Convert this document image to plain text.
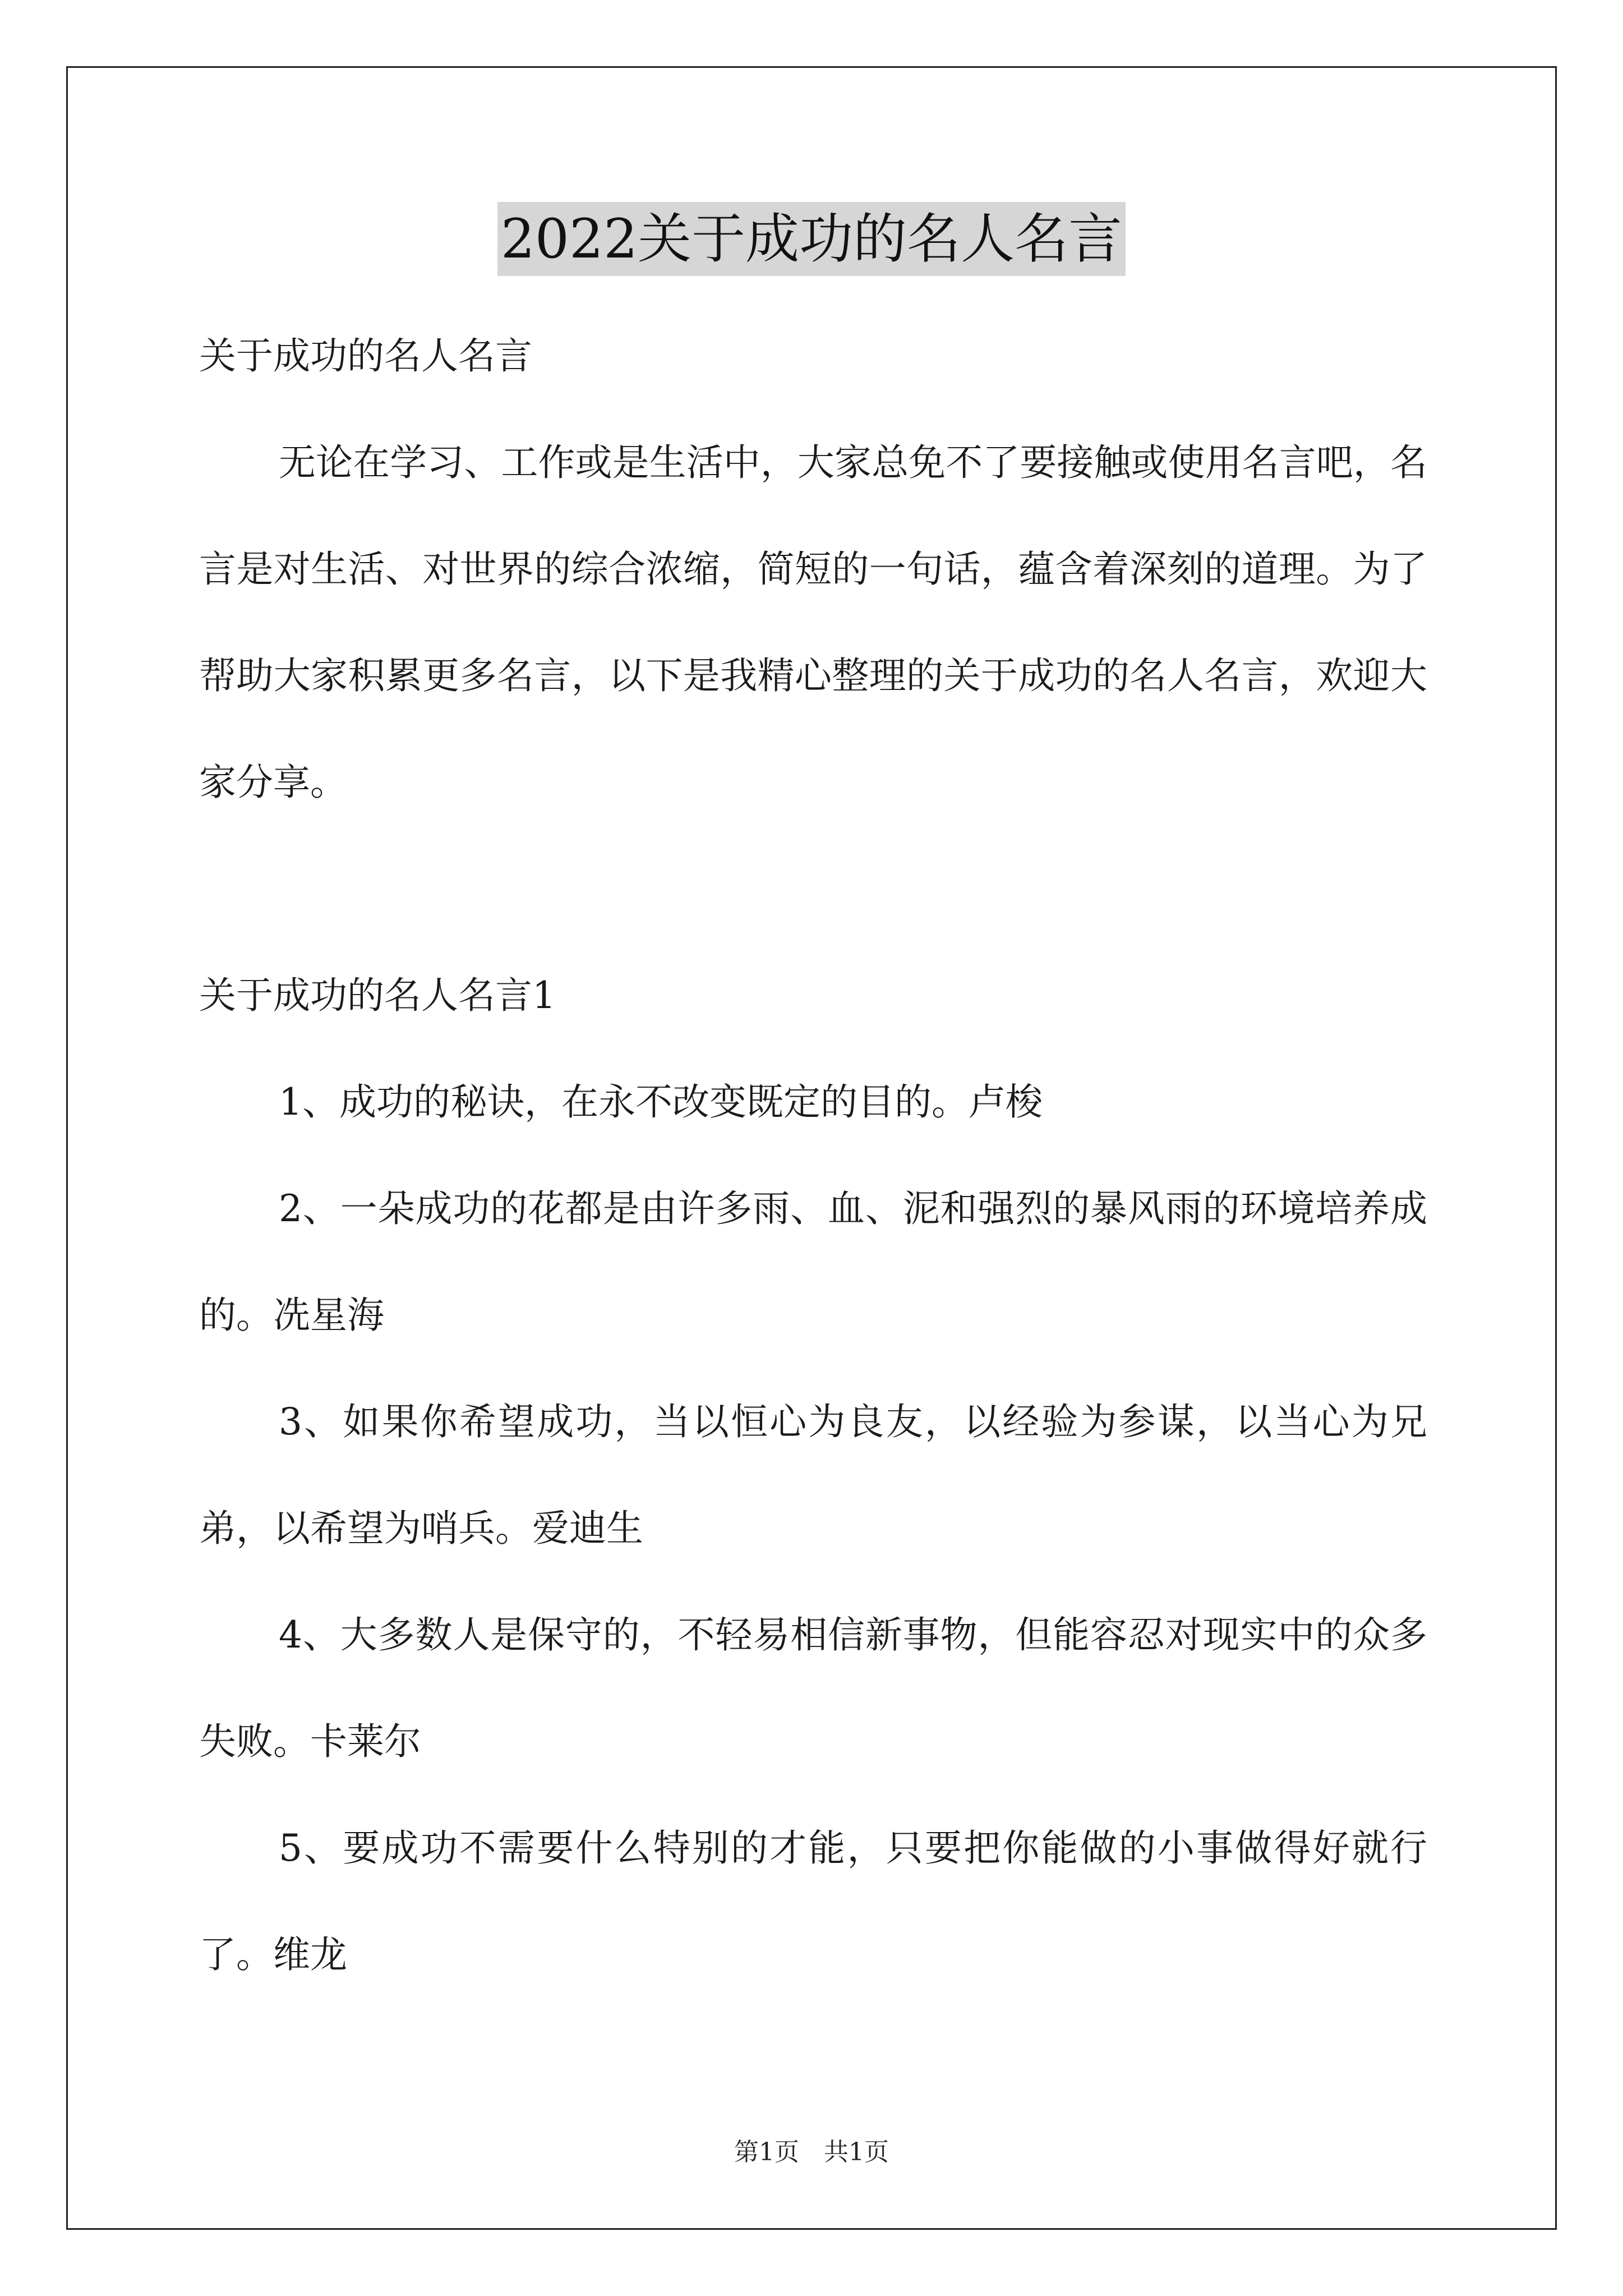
2022关于成功的名人名言

关于成功的名人名言

无论在学习、工作或是生活中，大家总免不了要接触或使用名言吧，名言是对生活、对世界的综合浓缩，简短的一句话，蕴含着深刻的道理。为了帮助大家积累更多名言，以下是我精心整理的关于成功的名人名言，欢迎大家分享。

关于成功的名人名言1

1、成功的秘诀，在永不改变既定的目的。卢梭

2、一朵成功的花都是由许多雨、血、泥和强烈的暴风雨的环境培养成的。冼星海

3、如果你希望成功，当以恒心为良友，以经验为参谋，以当心为兄弟，以希望为哨兵。爱迪生

4、大多数人是保守的，不轻易相信新事物，但能容忍对现实中的众多失败。卡莱尔

5、要成功不需要什么特别的才能，只要把你能做的小事做得好就行了。维龙

第1页 共1页
